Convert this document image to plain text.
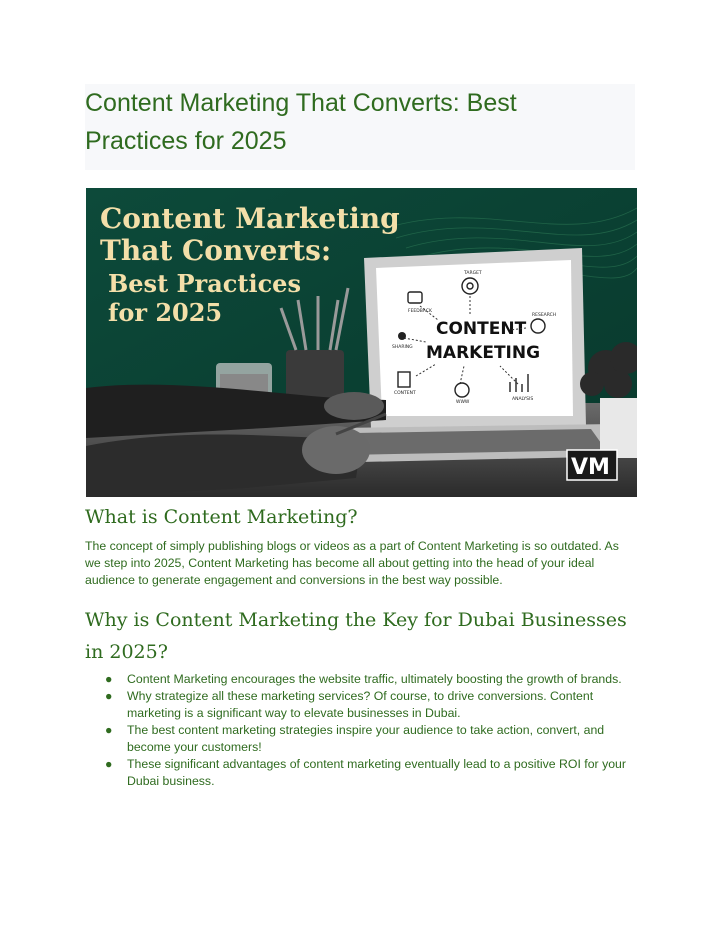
Content Marketing That Converts: Best Practices for 2025
Content Marketing
That Converts:
Best Practices
for 2025
CONTENT
MARKETING
TARGET
FEEDBACK
RESEARCH
SHARING
CONTENT
WWW
ANALYSIS
VM
What is Content Marketing?

The concept of simply publishing blogs or videos as a part of Content Marketing is so outdated. As we step into 2025, Content Marketing has become all about getting into the head of your ideal audience to generate engagement and conversions in the best way possible.

Why is Content Marketing the Key for Dubai Businesses in 2025?
● Content Marketing encourages the website traffic, ultimately boosting the growth of brands.
● Why strategize all these marketing services? Of course, to drive conversions. Content marketing is a significant way to elevate businesses in Dubai.
● The best content marketing strategies inspire your audience to take action, convert, and become your customers!
● These significant advantages of content marketing eventually lead to a positive ROI for your Dubai business.
